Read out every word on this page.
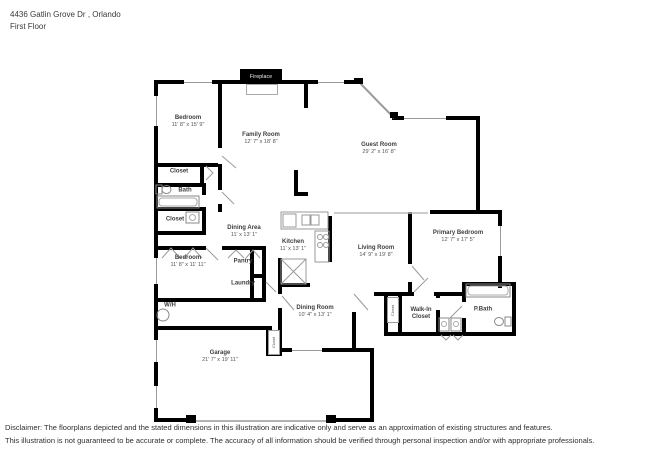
4436 Gatlin Grove Dr , Orlando
First Floor
Fireplace
Bedroom
11' 8" x 15' 9"
Family Room
12' 7" x 18' 8"	Guest Room
29' 2" x 16' 8"
Closet
Bath
Closet
Dining Area
11' x 13' 1"
Kitchen
11' x 13' 1"	Living Room
14' 9" x 19' 8"
Primary Bedroom
12' 7" x 17' 5"
Bedroom
11' 8" x 11' 11"
Pantry
Laundry
W/H	Dining Room
10' 4" x 13' 1"
Walk-In Closet
P.Bath
Garage
21' 7" x 19' 11"
Closet
Closet
Disclaimer: The floorplans depicted and the stated dimensions in this illustration are indicative only and serve as an approximation of existing structures and features.
This illustration is not guaranteed to be accurate or complete. The accuracy of all information should be verified through personal inspection and/or with appropriate professionals.
